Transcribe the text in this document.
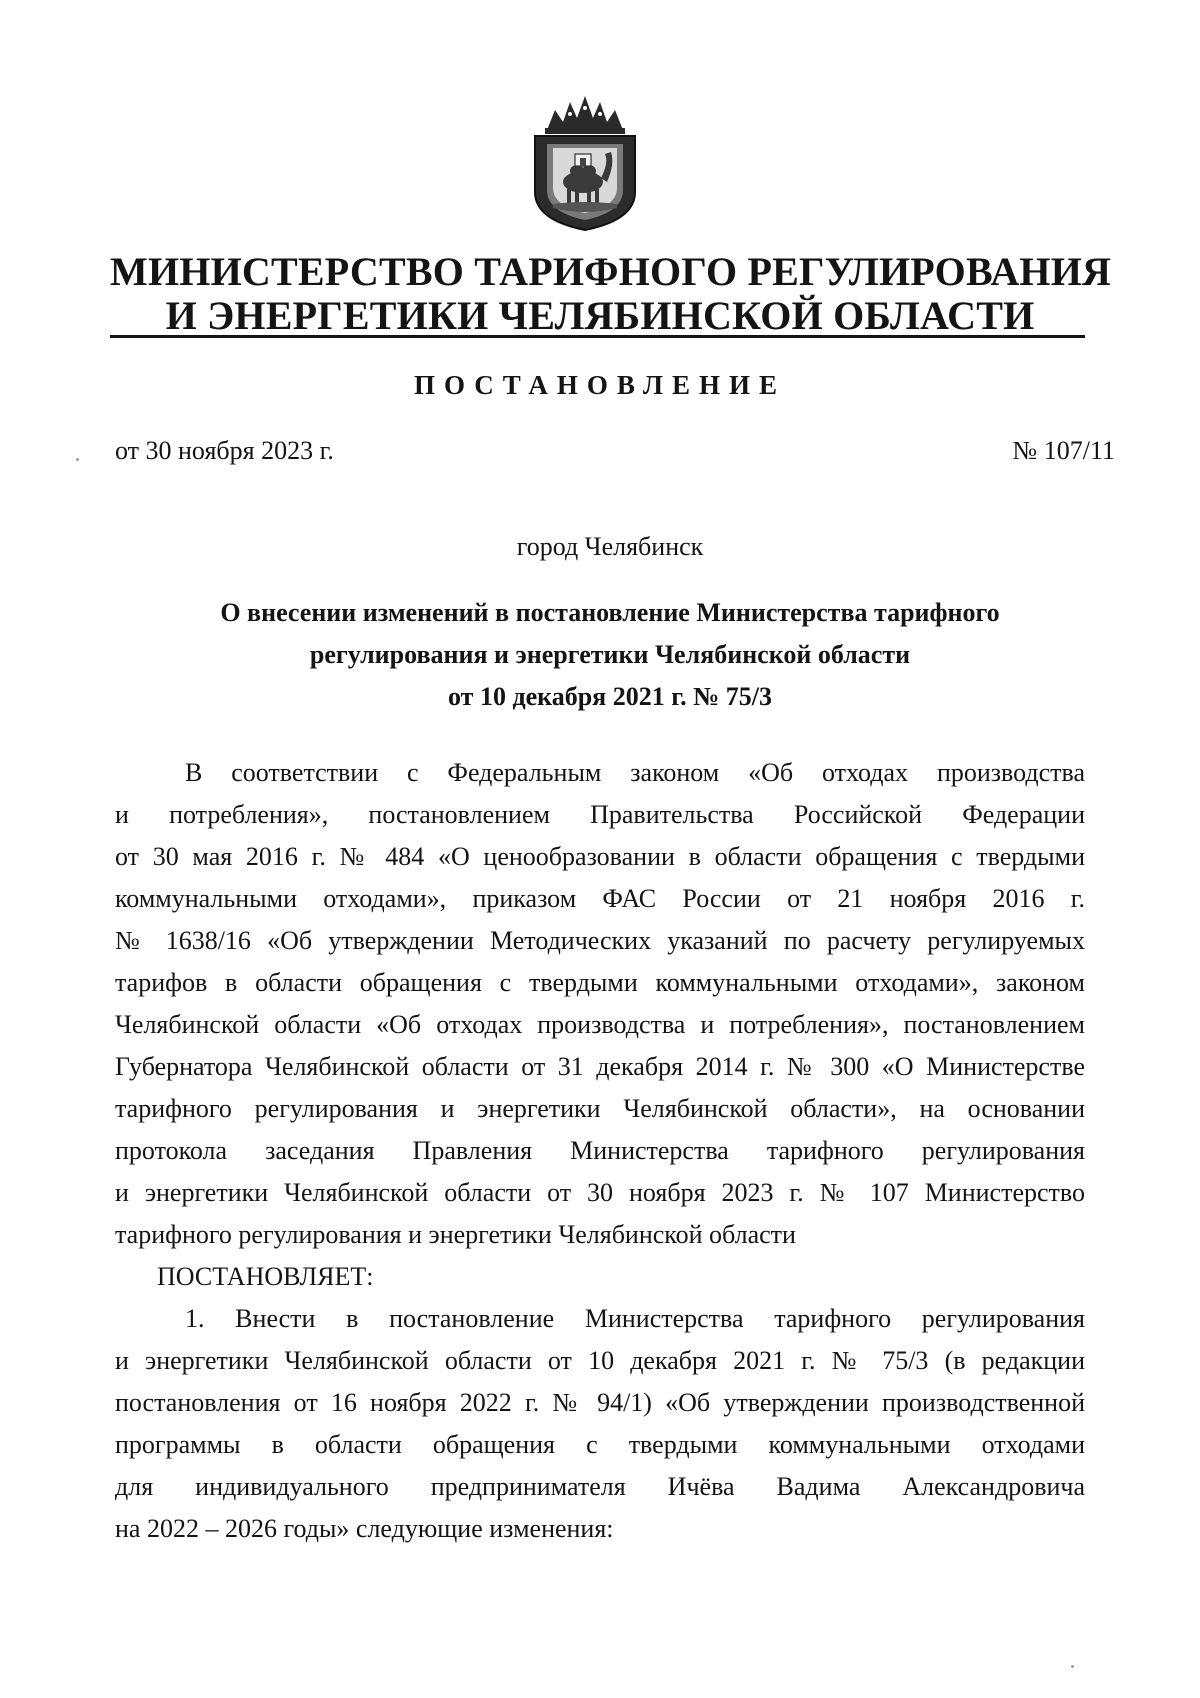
МИНИСТЕРСТВО ТАРИФНОГО РЕГУЛИРОВАНИЯ
И ЭНЕРГЕТИКИ ЧЕЛЯБИНСКОЙ ОБЛАСТИ
ПОСТАНОВЛЕНИЕ
от 30 ноября 2023 г.	№ 107/11
город Челябинск
О внесении изменений в постановление Министерства тарифного
регулирования и энергетики Челябинской области
от 10 декабря 2021 г. № 75/3
В соответствии с Федеральным законом «Об отходах производства
и потребления», постановлением Правительства Российской Федерации
от 30 мая 2016 г. № 484 «О ценообразовании в области обращения с твердыми
коммунальными отходами», приказом ФАС России от 21 ноября 2016 г.
№ 1638/16 «Об утверждении Методических указаний по расчету регулируемых
тарифов в области обращения с твердыми коммунальными отходами», законом
Челябинской области «Об отходах производства и потребления», постановлением
Губернатора Челябинской области от 31 декабря 2014 г. № 300 «О Министерстве
тарифного регулирования и энергетики Челябинской области», на основании
протокола заседания Правления Министерства тарифного регулирования
и энергетики Челябинской области от 30 ноября 2023 г. № 107 Министерство
тарифного регулирования и энергетики Челябинской области
ПОСТАНОВЛЯЕТ:
1. Внести в постановление Министерства тарифного регулирования
и энергетики Челябинской области от 10 декабря 2021 г. № 75/3 (в редакции
постановления от 16 ноября 2022 г. № 94/1) «Об утверждении производственной
программы в области обращения с твердыми коммунальными отходами
для индивидуального предпринимателя Ичёва Вадима Александровича
на 2022 – 2026 годы» следующие изменения:
